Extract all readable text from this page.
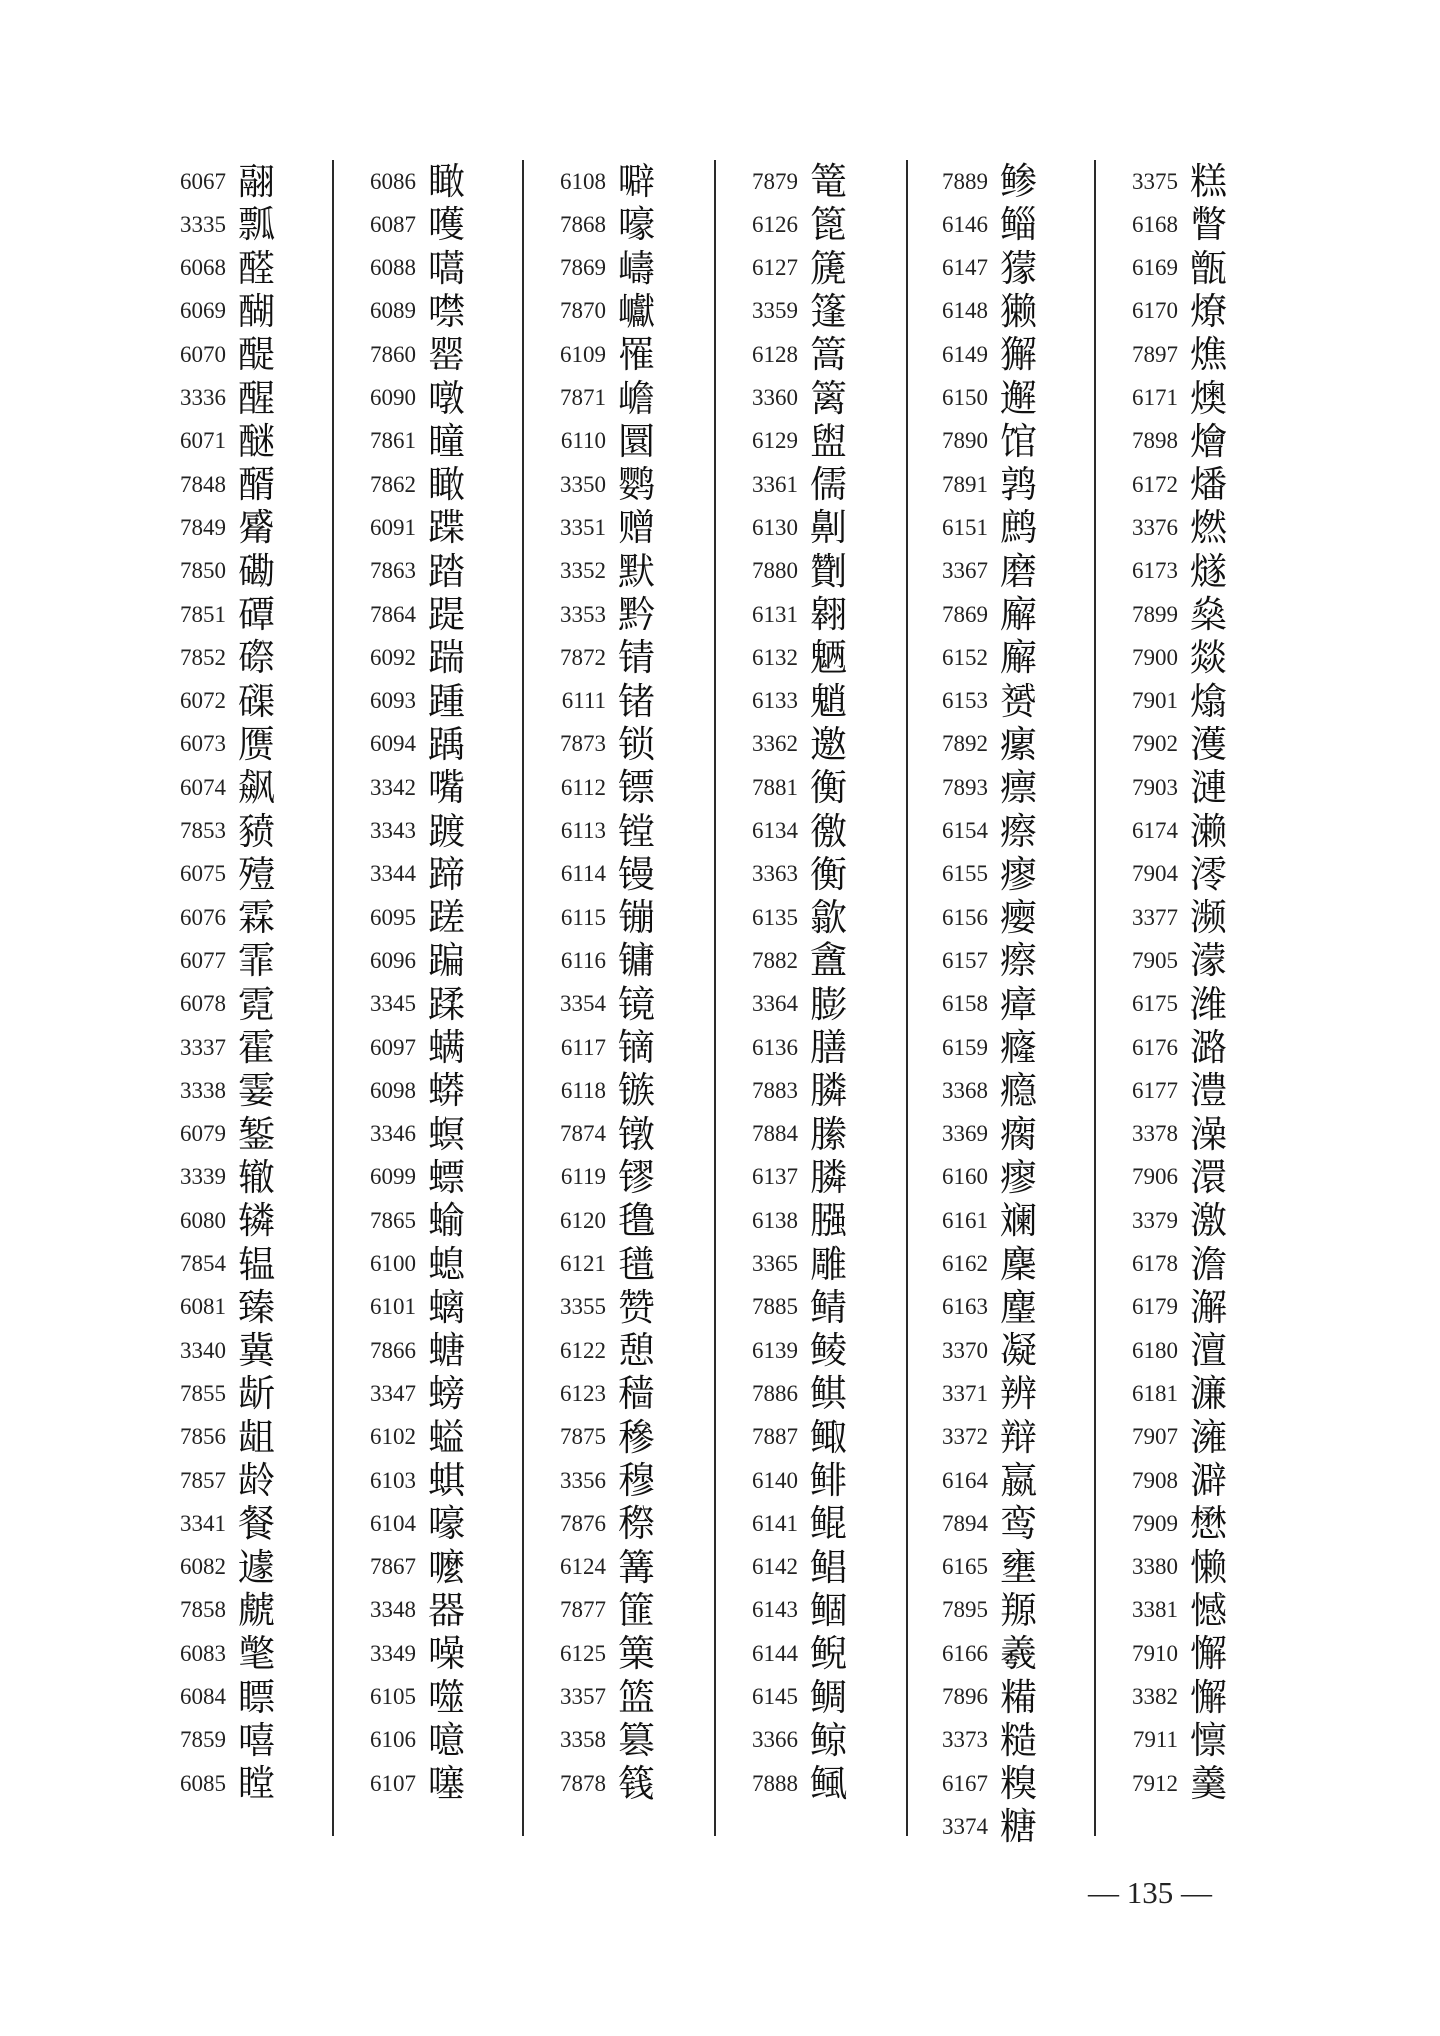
6067 翮
3335 瓢
6068 醛
6069 醐
6070 醍
3336 醒
6071 醚
7848 醑
7849 觱
7850 磡
7851 磹
7852 磜
6072 磲
6073 赝
6074 飙
7853 豮
6075 殪
6076 霖
6077 霏
6078 霓
3337 霍
3338 霎
6079 錾
3339 辙
6080 辚
7854 辒
6081 臻
3340 冀
7855 龂
7856 龃
7857 龄
3341 餐
6082 遽
7858 虤
6083 氅
6084 瞟
7859 嘻
6085 瞠
6086 瞰
6087 嚄
6088 嚆
6089 噤
7860 罂
6090 噋
7861 曈
7862 瞰
6091 蹀
7863 踏
7864 踶
6092 踹
6093 踵
6094 踽
3342 嘴
3343 踱
3344 蹄
6095 蹉
6096 蹁
3345 蹂
6097 螨
6098 蟒
3346 螟
6099 螵
7865 蝓
6100 螅
6101 螭
7866 螗
3347 螃
6102 螠
6103 蜞
6104 嚎
7867 嚒
3348 器
3349 噪
6105 噬
6106 噫
6107 噻
6108 噼
7868 嚎
7869 嶹
7870 巘
6109 罹
7871 嶦
6110 圜
3350 鹦
3351 赠
3352 默
3353 黔
7872 锖
6111 锗
7873 锁
6112 镖
6113 镗
6114 镘
6115 镚
6116 镛
3354 镜
6117 镝
6118 镞
7874 镦
6119 镠
6120 氇
6121 氆
3355 赞
6122 憩
6123 穑
7875 穇
3356 穆
7876 穄
6124 篝
7877 篚
6125 篥
3357 篮
3358 篡
7878 篯
7879 篭
6126 篦
6127 篪
3359 篷
6128 篙
3360 篱
6129 盥
3361 儒
6130 劓
7880 劗
6131 翱
6132 魉
6133 魈
3362 邀
7881 衡
6134 徼
3363 衡
6135 歙
7882 盦
3364 膨
6136 膳
7883 膦
7884 縢
6137 膦
6138 膙
3365 雕
7885 鲭
6139 鲮
7886 鲯
7887 鲰
6140 鲱
6141 鲲
6142 鲳
6143 鲴
6144 鲵
6145 鲷
3366 鲸
7888 鲺
7889 鲹
6146 鲻
6147 獴
6148 獭
6149 獬
6150 邂
7890 馆
7891 鹑
6151 鹧
3367 磨
7869 廨
6152 廨
6153 赟
7892 瘰
7893 瘭
6154 瘵
6155 瘳
6156 瘿
6157 瘵
6158 瘴
6159 癃
3368 瘾
3369 瘸
6160 瘳
6161 斓
6162 麇
6163 麈
3370 凝
3371 辨
3372 辩
6164 嬴
7894 鸾
6165 壅
7895 羱
6166 羲
7896 糒
3373 糙
6167 糗
3374 糖
3375 糕
6168 瞥
6169 甑
6170 燎
7897 燋
6171 燠
7898 燴
6172 燔
3376 燃
6173 燧
7899 燊
7900 燚
7901 熻
7902 濩
7903 漣
6174 濑
7904 澪
3377 濒
7905 濛
6175 潍
6176 潞
6177 澧
3378 澡
7906 澴
3379 激
6178 澹
6179 澥
6180 澶
6181 濂
7907 澭
7908 澼
7909 懋
3380 懒
3381 憾
7910 懈
3382 懈
7911 懔
7912 羹
— 135 —
